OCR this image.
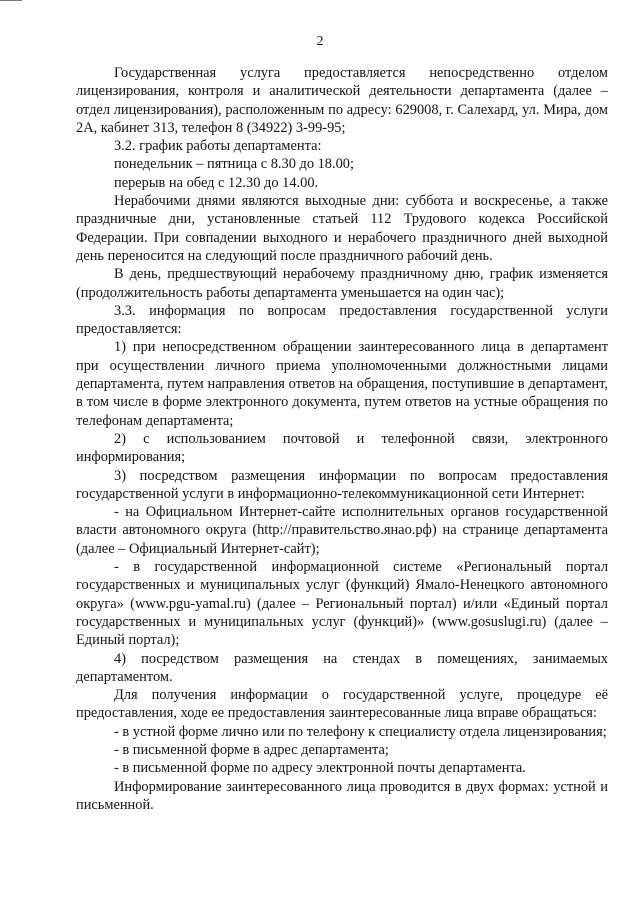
2

Государственная услуга предоставляется непосредственно отделом лицензирования, контроля и аналитической деятельности департамента (далее – отдел лицензирования), расположенным по адресу: 629008, г. Салехард, ул. Мира, дом 2А, кабинет 313, телефон 8 (34922) 3-99-95;

3.2. график работы департамента:

понедельник – пятница с 8.30 до 18.00;

перерыв на обед с 12.30 до 14.00.

Нерабочими днями являются выходные дни: суббота и воскресенье, а также праздничные дни, установленные статьей 112 Трудового кодекса Российской Федерации. При совпадении выходного и нерабочего праздничного дней выходной день переносится на следующий после праздничного рабочий день.

В день, предшествующий нерабочему праздничному дню, график изменяется (продолжительность работы департамента уменьшается на один час);

3.3. информация по вопросам предоставления государственной услуги предоставляется:

1) при непосредственном обращении заинтересованного лица в департамент при осуществлении личного приема уполномоченными должностными лицами департамента, путем направления ответов на обращения, поступившие в департамент, в том числе в форме электронного документа, путем ответов на устные обращения по телефонам департамента;

2) с использованием почтовой и телефонной связи, электронного информирования;

3) посредством размещения информации по вопросам предоставления государственной услуги в информационно-телекоммуникационной сети Интернет:

- на Официальном Интернет-сайте исполнительных органов государственной власти автономного округа (http://правительство.янао.рф) на странице департамента (далее – Официальный Интернет-сайт);

- в государственной информационной системе «Региональный портал государственных и муниципальных услуг (функций) Ямало-Ненецкого автономного округа» (www.pgu-yamal.ru) (далее – Региональный портал) и/или «Единый портал государственных и муниципальных услуг (функций)» (www.gosuslugi.ru) (далее – Единый портал);

4) посредством размещения на стендах в помещениях, занимаемых департаментом.

Для получения информации о государственной услуге, процедуре её предоставления, ходе ее предоставления заинтересованные лица вправе обращаться:

- в устной форме лично или по телефону к специалисту отдела лицензирования;

- в письменной форме в адрес департамента;

- в письменной форме по адресу электронной почты департамента.

Информирование заинтересованного лица проводится в двух формах: устной и письменной.
